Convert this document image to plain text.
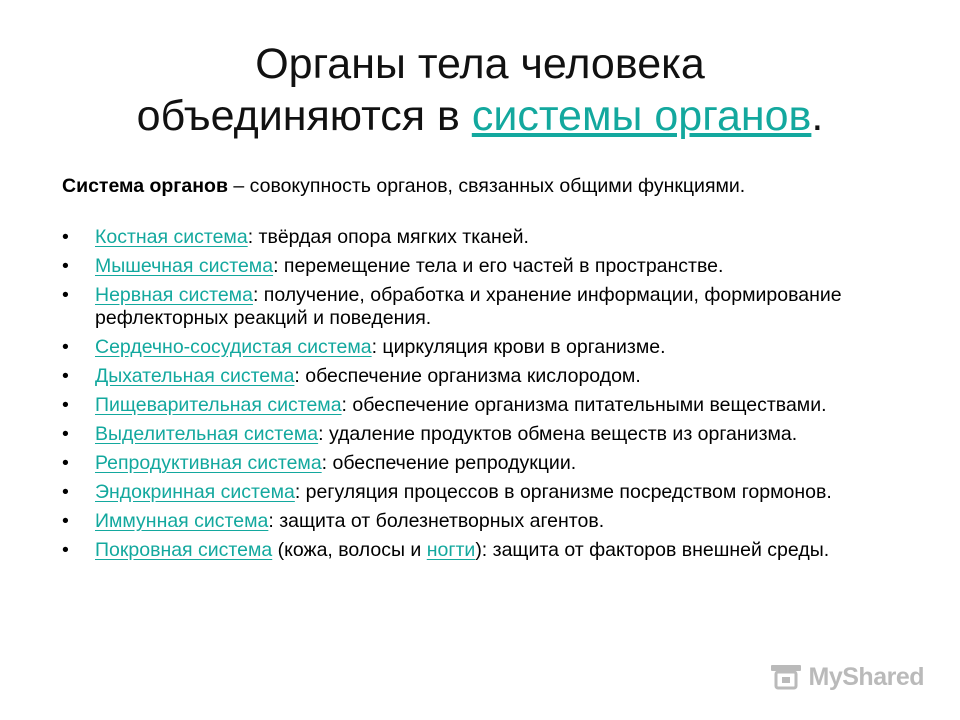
Органы тела человека
объединяются в системы органов.
Система органов – совокупность органов, связанных общими функциями.
• Костная система: твёрдая опора мягких тканей.
• Мышечная система: перемещение тела и его частей в пространстве.
• Нервная система: получение, обработка и хранение информации, формирование рефлекторных реакций и поведения.
• Сердечно-сосудистая система: циркуляция крови в организме.
• Дыхательная система: обеспечение организма кислородом.
• Пищеварительная система: обеспечение организма питательными веществами.
• Выделительная система: удаление продуктов обмена веществ из организма.
• Репродуктивная система: обеспечение репродукции.
• Эндокринная система: регуляция процессов в организме посредством гормонов.
• Иммунная система: защита от болезнетворных агентов.
• Покровная система (кожа, волосы и ногти): защита от факторов внешней среды.
MyShared
